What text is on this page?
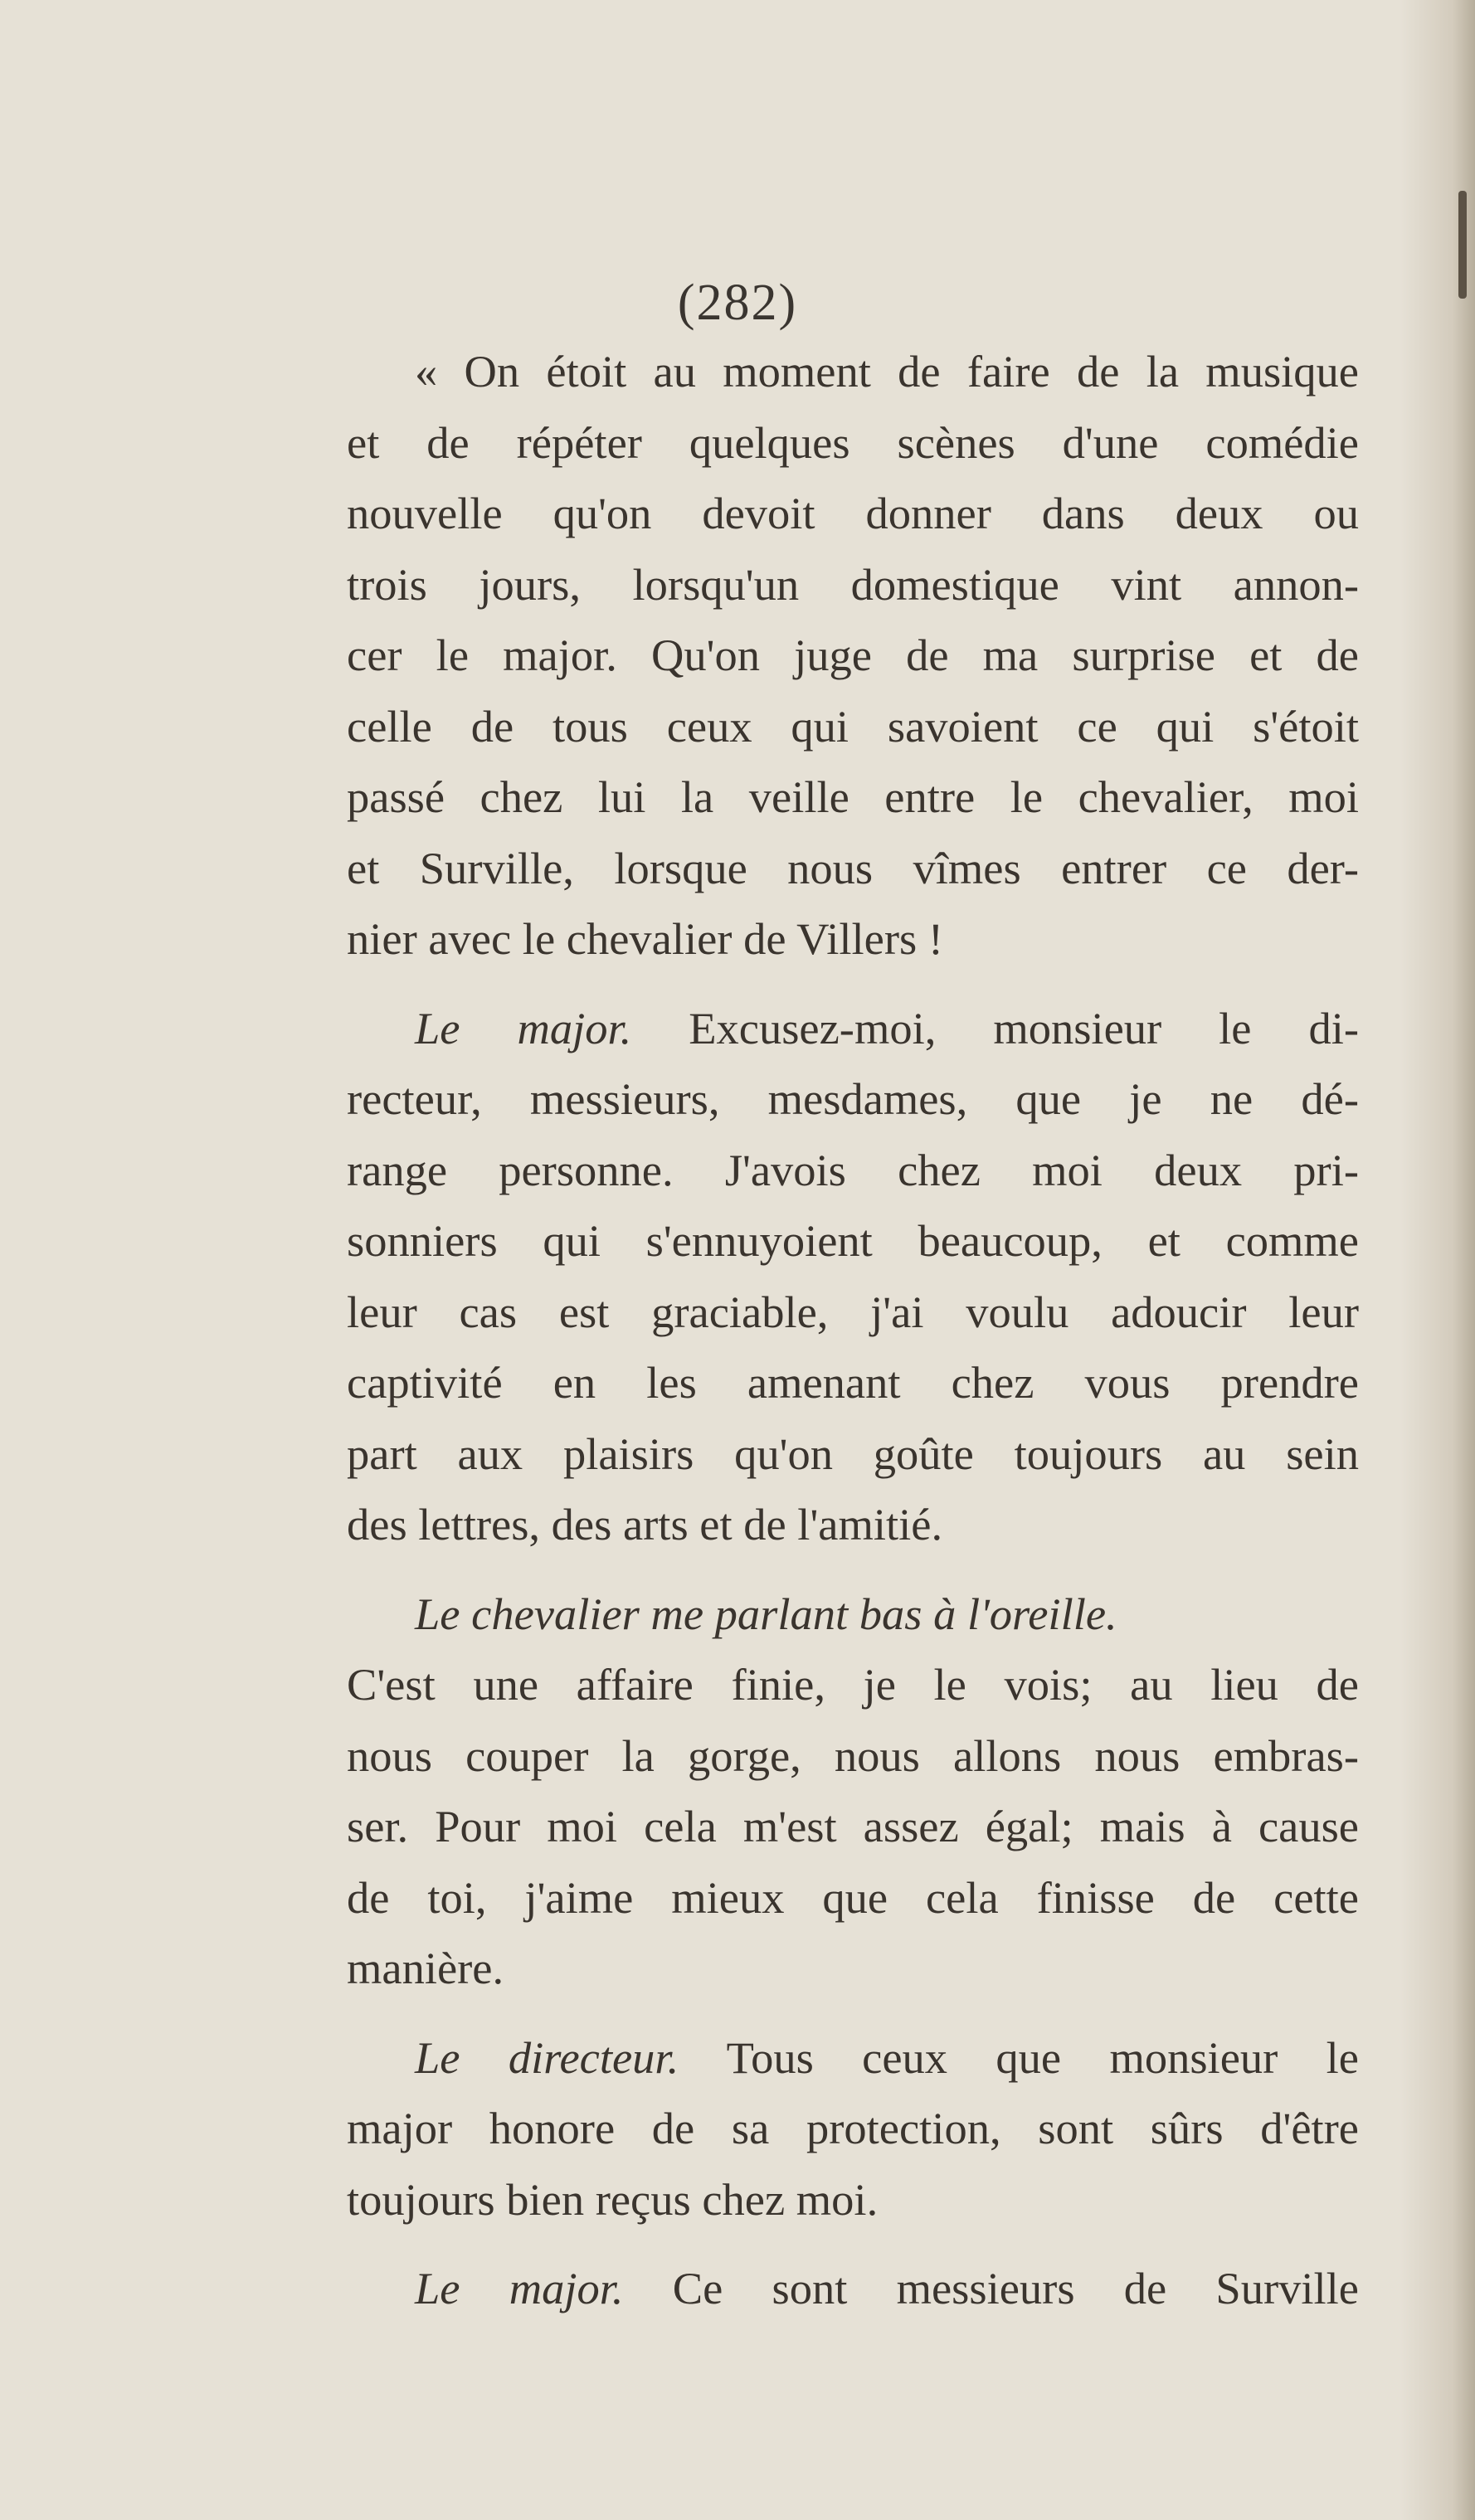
(282)
« On étoit au moment de faire de la musique
et de répéter quelques scènes d'une comédie
nouvelle qu'on devoit donner dans deux ou
trois jours, lorsqu'un domestique vint annon-
cer le major. Qu'on juge de ma surprise et de
celle de tous ceux qui savoient ce qui s'étoit
passé chez lui la veille entre le chevalier, moi
et Surville, lorsque nous vîmes entrer ce der-
nier avec le chevalier de Villers !
Le major. Excusez-moi, monsieur le di-
recteur, messieurs, mesdames, que je ne dé-
range personne. J'avois chez moi deux pri-
sonniers qui s'ennuyoient beaucoup, et comme
leur cas est graciable, j'ai voulu adoucir leur
captivité en les amenant chez vous prendre
part aux plaisirs qu'on goûte toujours au sein
des lettres, des arts et de l'amitié.
Le chevalier me parlant bas à l'oreille.
C'est une affaire finie, je le vois; au lieu de
nous couper la gorge, nous allons nous embras-
ser. Pour moi cela m'est assez égal; mais à cause
de toi, j'aime mieux que cela finisse de cette
manière.
Le directeur. Tous ceux que monsieur le
major honore de sa protection, sont sûrs d'être
toujours bien reçus chez moi.
Le major. Ce sont messieurs de Surville
